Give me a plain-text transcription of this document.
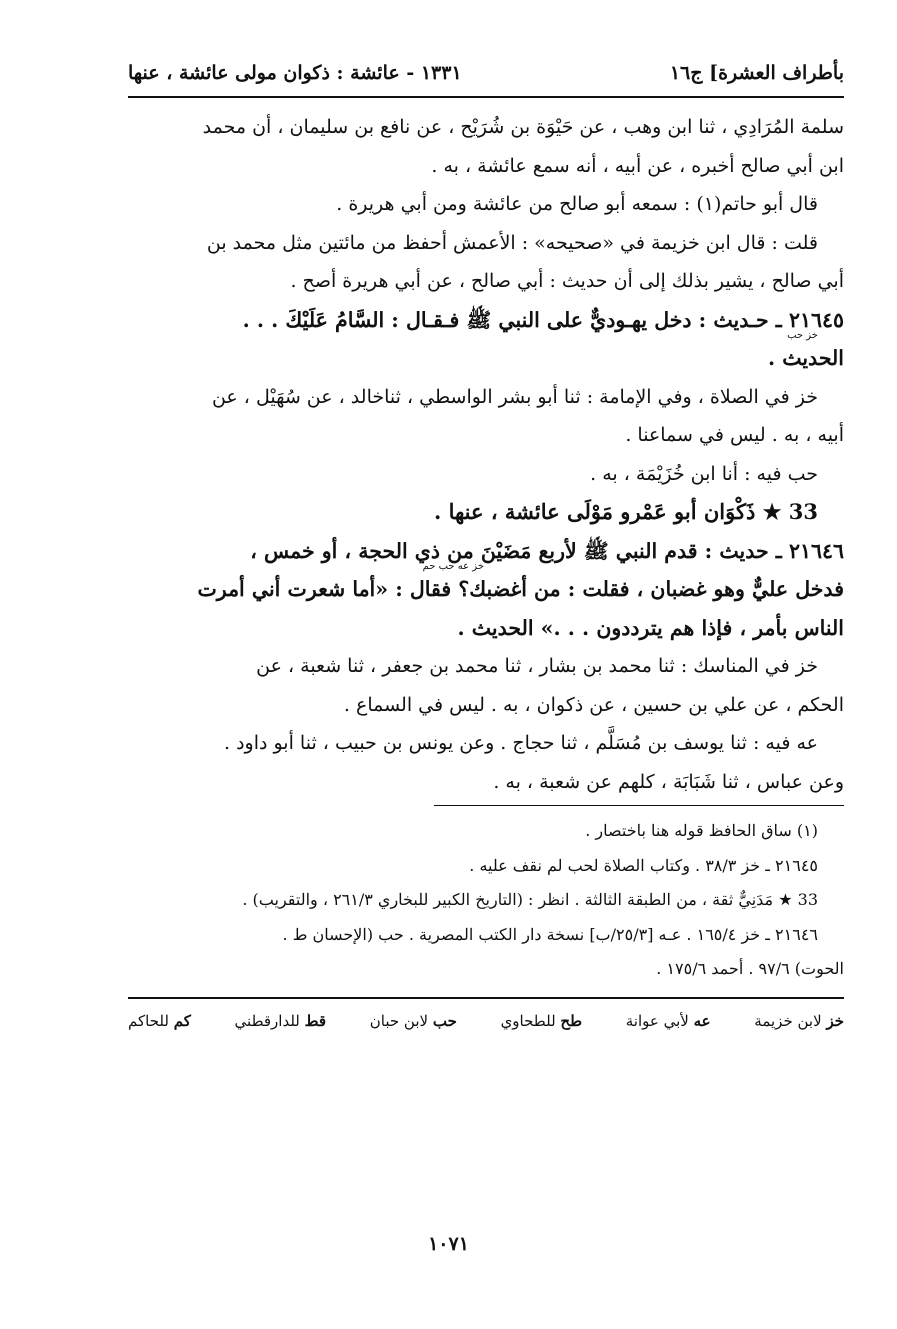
بأطراف العشرة] ج١٦
١٣٣١ - عائشة : ذكوان مولى عائشة ، عنها

سلمة المُرَادِي ، ثنا ابن وهب ، عن حَيْوَة بن شُرَيْح ، عن نافع بن سليمان ، أن محمد
ابن أبي صالح أخبره ، عن أبيه ، أنه سمع عائشة ، به .

قال أبو حاتم(١) : سمعه أبو صالح من عائشة ومن أبي هريرة .

قلت : قال ابن خزيمة في «صحيحه» : الأعمش أحفظ من مائتين مثل محمد بن
أبي صالح ، يشير بذلك إلى أن حديث : أبي صالح ، عن أبي هريرة أصح .

٢١٦٤٥ ـ حـديث : دخل يهـوديٌّ على النبي ﷺ فـقـال : السَّامُ عَلَيْكَ . . .
خز حب
الحديث .

خز في الصلاة ، وفي الإمامة : ثنا أبو بشر الواسطي ، ثناخالد ، عن سُهَيْل ، عن
أبيه ، به . ليس في سماعنا .

حب فيه : أنا ابن خُزَيْمَة ، به .

33 ★ ذَكْوَان أبو عَمْرو مَوْلَى عائشة ، عنها .

٢١٦٤٦ ـ حديث : قدم النبي ﷺ لأربع مَضَيْنَ من ذي الحجة ، أو خمس ،
خز عه حب حم
فدخل عليٌّ وهو غضبان ، فقلت : من أغضبك؟ فقال : «أما شعرت أني أمرت
الناس بأمر ، فإذا هم يترددون . . .» الحديث .

خز في المناسك : ثنا محمد بن بشار ، ثنا محمد بن جعفر ، ثنا شعبة ، عن
الحكم ، عن علي بن حسين ، عن ذكوان ، به . ليس في السماع .

عه فيه : ثنا يوسف بن مُسَلَّم ، ثنا حجاج . وعن يونس بن حبيب ، ثنا أبو داود .
وعن عباس ، ثنا شَبَابَة ، كلهم عن شعبة ، به .

(١) ساق الحافظ قوله هنا باختصار .

٢١٦٤٥ ـ خز ٣٨/٣ . وكتاب الصلاة لحب لم نقف عليه .

33 ★ مَدَنِيٌّ ثقة ، من الطبقة الثالثة . انظر : (التاريخ الكبير للبخاري ٢٦١/٣ ، والتقريب) .

٢١٦٤٦ ـ خز ١٦٥/٤ . عـه [٢٥/٣/ب] نسخة دار الكتب المصرية . حب (الإحسان ط .
الحوت) ٩٧/٦ . أحمد ١٧٥/٦ .

خز لابن خزيمة
عه لأبي عوانة
طح للطحاوي
حب لابن حبان
قط للدارقطني
كم للحاكم
١٠٧١
